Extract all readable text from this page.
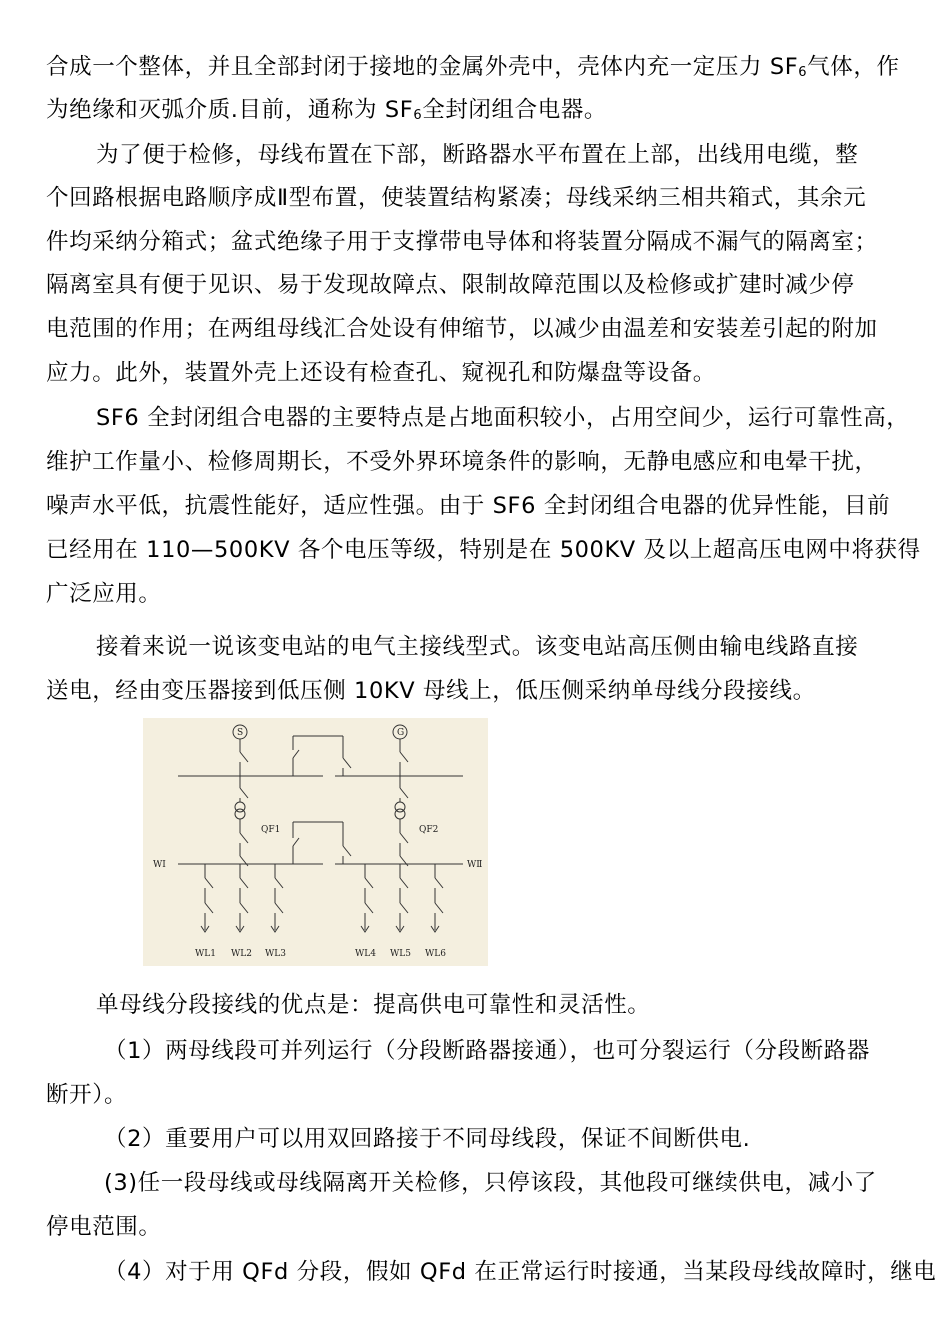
合成一个整体，并且全部封闭于接地的金属外壳中，壳体内充一定压力 $SF_6$气体，作
为绝缘和灭弧介质.目前，通称为 $SF_6$全封闭组合电器。
为了便于检修，母线布置在下部，断路器水平布置在上部，出线用电缆，整
个回路根据电路顺序成Ⅱ型布置，使装置结构紧凑；母线采纳三相共箱式，其余元
件均采纳分箱式；盆式绝缘子用于支撑带电导体和将装置分隔成不漏气的隔离室；
隔离室具有便于见识、易于发现故障点、限制故障范围以及检修或扩建时减少停
电范围的作用；在两组母线汇合处设有伸缩节，以减少由温差和安装差引起的附加
应力。此外，装置外壳上还设有检查孔、窥视孔和防爆盘等设备。
SF6 全封闭组合电器的主要特点是占地面积较小，占用空间少，运行可靠性高，
维护工作量小、检修周期长，不受外界环境条件的影响，无静电感应和电晕干扰，
噪声水平低，抗震性能好，适应性强。由于 SF6 全封闭组合电器的优异性能，目前
已经用在 110—500KV 各个电压等级，特别是在 500KV 及以上超高压电网中将获得
广泛应用。
接着来说一说该变电站的电气主接线型式。该变电站高压侧由输电线路直接
送电，经由变压器接到低压侧 10KV 母线上，低压侧采纳单母线分段接线。
S	G
QF1	QF2
WⅠ	WⅡ
WL1 WL2 WL3	WL4 WL5 WL6
单母线分段接线的优点是：提高供电可靠性和灵活性。
（1）两母线段可并列运行（分段断路器接通），也可分裂运行（分段断路器
断开）。
（2）重要用户可以用双回路接于不同母线段，保证不间断供电.
(3)任一段母线或母线隔离开关检修，只停该段，其他段可继续供电，减小了
停电范围。
（4）对于用 QFd 分段，假如 QFd 在正常运行时接通，当某段母线故障时，继电
